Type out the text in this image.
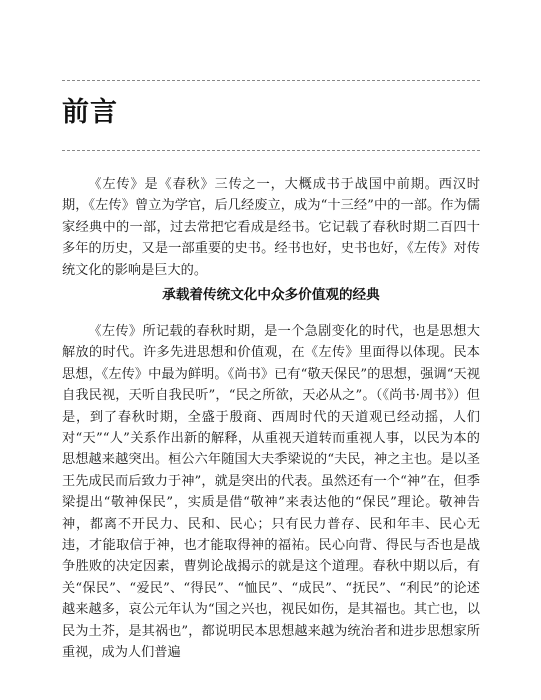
前言

《左传》是《春秋》三传之一，大概成书于战国中前期。西汉时期，《左传》曾立为学官，后几经废立，成为“十三经”中的一部。作为儒家经典中的一部，过去常把它看成是经书。它记载了春秋时期二百四十多年的历史，又是一部重要的史书。经书也好，史书也好，《左传》对传统文化的影响是巨大的。

承载着传统文化中众多价值观的经典

《左传》所记载的春秋时期，是一个急剧变化的时代，也是思想大解放的时代。许多先进思想和价值观，在《左传》里面得以体现。民本思想，《左传》中最为鲜明。《尚书》已有“敬天保民”的思想，强调“天视自我民视，天听自我民听”，“民之所欲，天必从之”。（《尚书·周书》）但是，到了春秋时期，全盛于殷商、西周时代的天道观已经动摇，人们对“天”“人”关系作出新的解释，从重视天道转而重视人事，以民为本的思想越来越突出。桓公六年随国大夫季梁说的“夫民，神之主也。是以圣王先成民而后致力于神”，就是突出的代表。虽然还有一个“神”在，但季梁提出“敬神保民”，实质是借“敬神”来表达他的“保民”理论。敬神告神，都离不开民力、民和、民心；只有民力普存、民和年丰、民心无违，才能取信于神，也才能取得神的福祐。民心向背、得民与否也是战争胜败的决定因素，曹刿论战揭示的就是这个道理。春秋中期以后，有关“保民”、“爱民”、“得民”、“恤民”、“成民”、“抚民”、“利民”的论述越来越多，哀公元年认为“国之兴也，视民如伤，是其福也。其亡也，以民为土芥，是其祸也”，都说明民本思想越来越为统治者和进步思想家所重视，成为人们普遍
